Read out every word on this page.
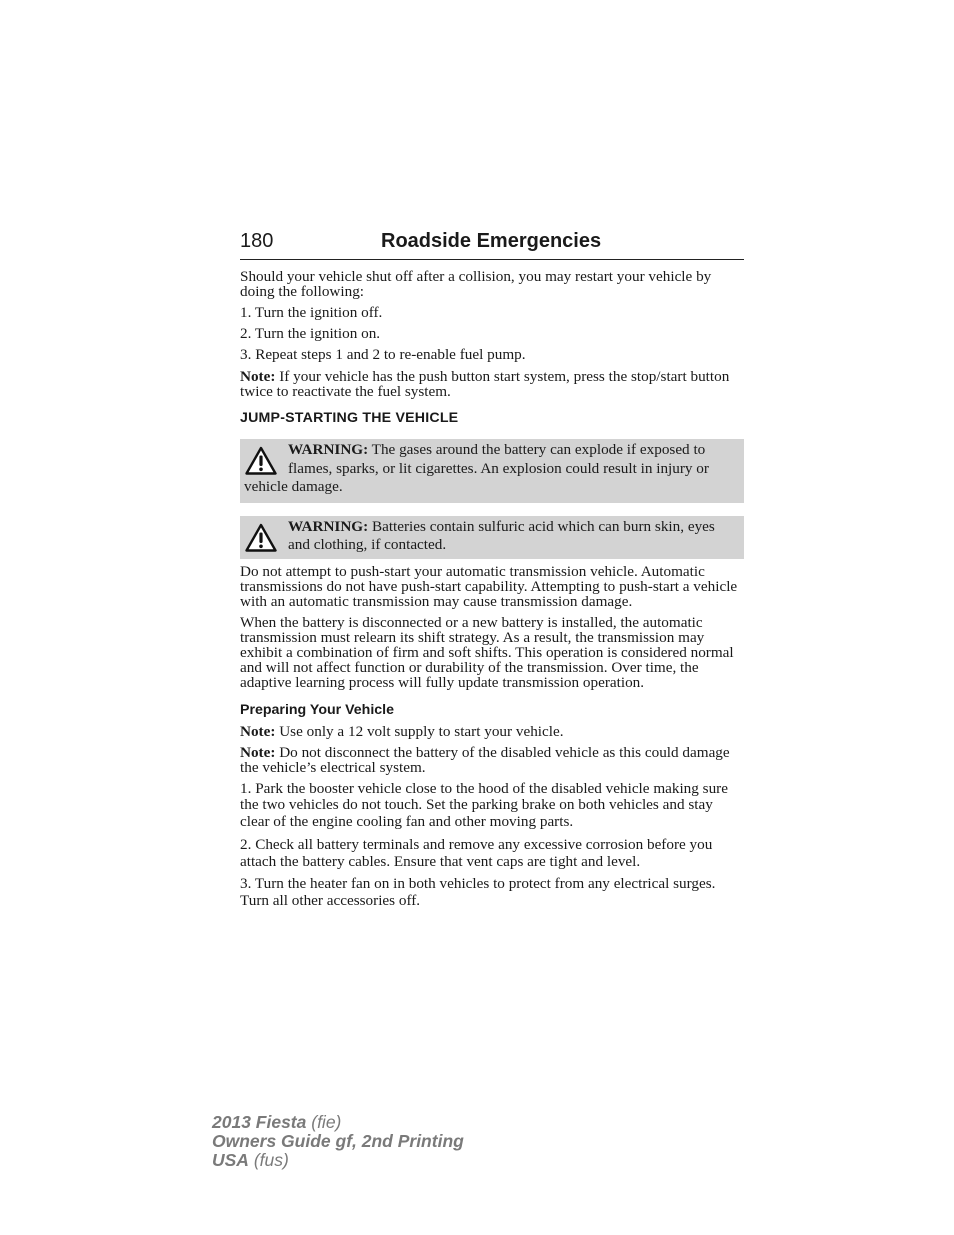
180	Roadside Emergencies

Should your vehicle shut off after a collision, you may restart your vehicle by doing the following:

1. Turn the ignition off.

2. Turn the ignition on.

3. Repeat steps 1 and 2 to re-enable fuel pump.

Note: If your vehicle has the push button start system, press the stop/start button twice to reactivate the fuel system.

JUMP-STARTING THE VEHICLE
WARNING: The gases around the battery can explode if exposed to flames, sparks, or lit cigarettes. An explosion could result in injury or vehicle damage.
WARNING: Batteries contain sulfuric acid which can burn skin, eyes and clothing, if contacted.

Do not attempt to push-start your automatic transmission vehicle. Automatic transmissions do not have push-start capability. Attempting to push-start a vehicle with an automatic transmission may cause transmission damage.

When the battery is disconnected or a new battery is installed, the automatic transmission must relearn its shift strategy. As a result, the transmission may exhibit a combination of firm and soft shifts. This operation is considered normal and will not affect function or durability of the transmission. Over time, the adaptive learning process will fully update transmission operation.

Preparing Your Vehicle

Note: Use only a 12 volt supply to start your vehicle.

Note: Do not disconnect the battery of the disabled vehicle as this could damage the vehicle’s electrical system.

1. Park the booster vehicle close to the hood of the disabled vehicle making sure the two vehicles do not touch. Set the parking brake on both vehicles and stay clear of the engine cooling fan and other moving parts.

2. Check all battery terminals and remove any excessive corrosion before you attach the battery cables. Ensure that vent caps are tight and level.

3. Turn the heater fan on in both vehicles to protect from any electrical surges. Turn all other accessories off.

2013 Fiesta (fie)
Owners Guide gf, 2nd Printing
USA (fus)
